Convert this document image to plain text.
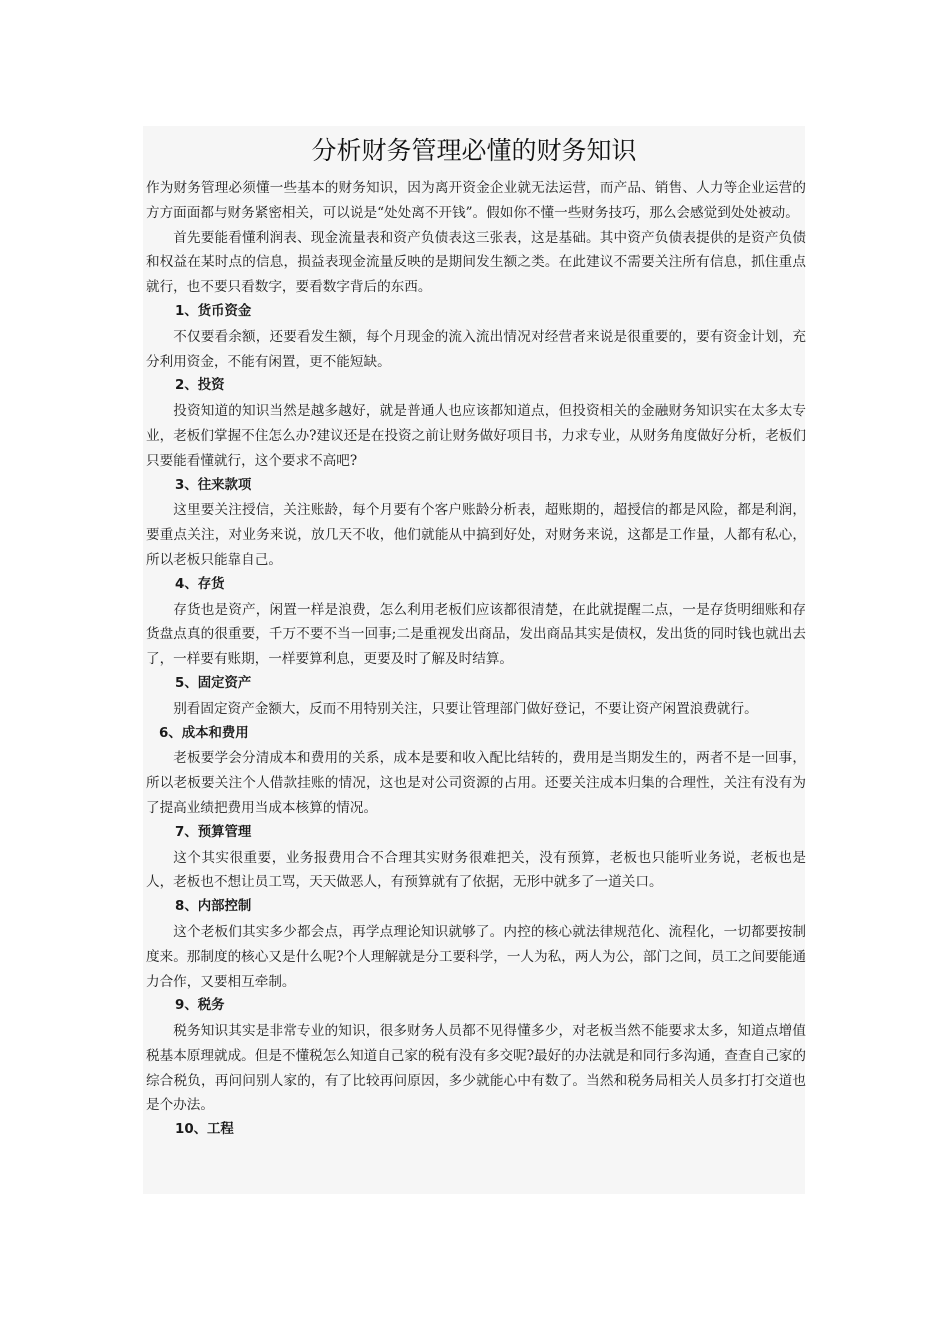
分析财务管理必懂的财务知识

作为财务管理必须懂一些基本的财务知识，因为离开资金企业就无法运营，而产品、销售、人力等企业运营的方方面面都与财务紧密相关，可以说是“处处离不开钱”。假如你不懂一些财务技巧，那么会感觉到处处被动。

首先要能看懂利润表、现金流量表和资产负债表这三张表，这是基础。其中资产负债表提供的是资产负债和权益在某时点的信息，损益表现金流量反映的是期间发生额之类。在此建议不需要关注所有信息，抓住重点就行，也不要只看数字，要看数字背后的东西。

1、货币资金

不仅要看余额，还要看发生额，每个月现金的流入流出情况对经营者来说是很重要的，要有资金计划，充分利用资金，不能有闲置，更不能短缺。

2、投资

投资知道的知识当然是越多越好，就是普通人也应该都知道点，但投资相关的金融财务知识实在太多太专业，老板们掌握不住怎么办?建议还是在投资之前让财务做好项目书，力求专业，从财务角度做好分析，老板们只要能看懂就行，这个要求不高吧?

3、往来款项

这里要关注授信，关注账龄，每个月要有个客户账龄分析表，超账期的，超授信的都是风险，都是利润，要重点关注，对业务来说，放几天不收，他们就能从中搞到好处，对财务来说，这都是工作量，人都有私心，所以老板只能靠自己。

4、存货

存货也是资产，闲置一样是浪费，怎么利用老板们应该都很清楚，在此就提醒二点，一是存货明细账和存货盘点真的很重要，千万不要不当一回事;二是重视发出商品，发出商品其实是债权，发出货的同时钱也就出去了，一样要有账期，一样要算利息，更要及时了解及时结算。

5、固定资产

别看固定资产金额大，反而不用特别关注，只要让管理部门做好登记，不要让资产闲置浪费就行。

6、成本和费用

老板要学会分清成本和费用的关系，成本是要和收入配比结转的，费用是当期发生的，两者不是一回事，所以老板要关注个人借款挂账的情况，这也是对公司资源的占用。还要关注成本归集的合理性，关注有没有为了提高业绩把费用当成本核算的情况。

7、预算管理

这个其实很重要，业务报费用合不合理其实财务很难把关，没有预算，老板也只能听业务说，老板也是人，老板也不想让员工骂，天天做恶人，有预算就有了依据，无形中就多了一道关口。

8、内部控制

这个老板们其实多少都会点，再学点理论知识就够了。内控的核心就法律规范化、流程化，一切都要按制度来。那制度的核心又是什么呢?个人理解就是分工要科学，一人为私，两人为公，部门之间，员工之间要能通力合作，又要相互牵制。

9、税务

税务知识其实是非常专业的知识，很多财务人员都不见得懂多少，对老板当然不能要求太多，知道点增值税基本原理就成。但是不懂税怎么知道自己家的税有没有多交呢?最好的办法就是和同行多沟通，查查自己家的综合税负，再问问别人家的，有了比较再问原因，多少就能心中有数了。当然和税务局相关人员多打打交道也是个办法。

10、工程
